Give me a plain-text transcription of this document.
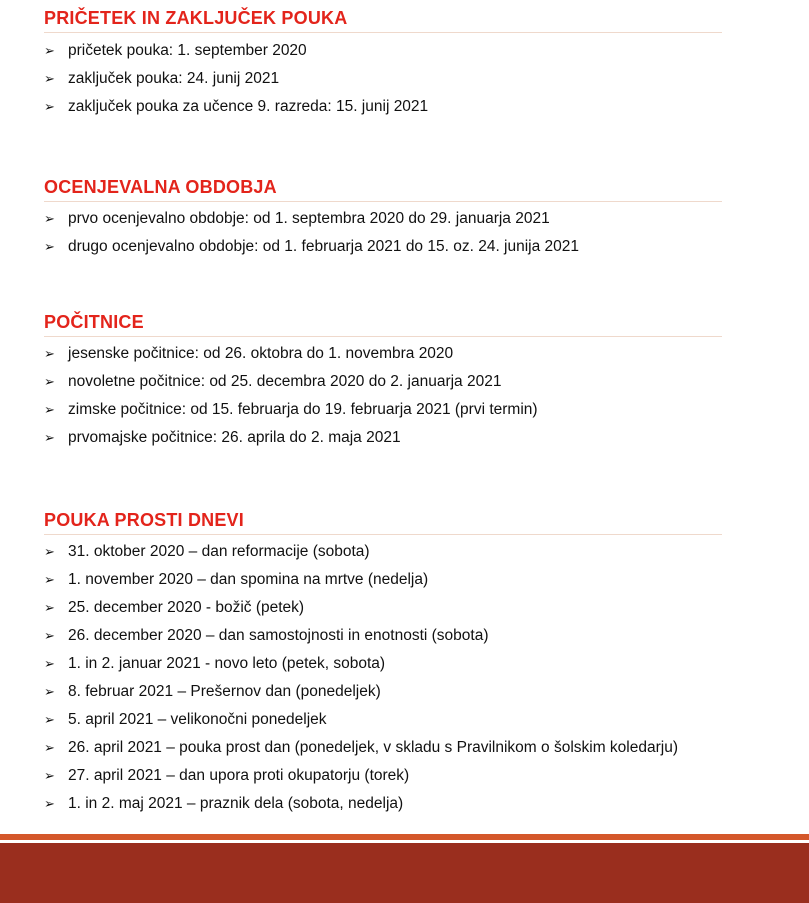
PRIČETEK IN ZAKLJUČEK POUKA
➢ pričetek pouka: 1. september 2020
➢ zaključek pouka: 24. junij 2021
➢ zaključek pouka za učence 9. razreda: 15. junij 2021
OCENJEVALNA OBDOBJA
➢ prvo ocenjevalno obdobje: od 1. septembra 2020 do 29. januarja 2021
➢ drugo ocenjevalno obdobje: od 1. februarja 2021 do 15. oz. 24. junija 2021
POČITNICE
➢ jesenske počitnice: od 26. oktobra do 1. novembra 2020
➢ novoletne počitnice: od 25. decembra 2020 do 2. januarja 2021
➢ zimske počitnice: od 15. februarja do 19. februarja 2021 (prvi termin)
➢ prvomajske počitnice: 26. aprila do 2. maja 2021
POUKA PROSTI DNEVI
➢ 31. oktober 2020 – dan reformacije (sobota)
➢ 1. november 2020 – dan spomina na mrtve (nedelja)
➢ 25. december 2020 - božič (petek)
➢ 26. december 2020 – dan samostojnosti in enotnosti (sobota)
➢ 1. in 2. januar 2021 - novo leto (petek, sobota)
➢ 8. februar 2021 – Prešernov dan (ponedeljek)
➢ 5. april 2021 – velikonočni ponedeljek
➢ 26. april 2021 – pouka prost dan (ponedeljek, v skladu s Pravilnikom o šolskim koledarju)
➢ 27. april 2021 – dan upora proti okupatorju (torek)
➢ 1. in 2. maj 2021 – praznik dela (sobota, nedelja)
